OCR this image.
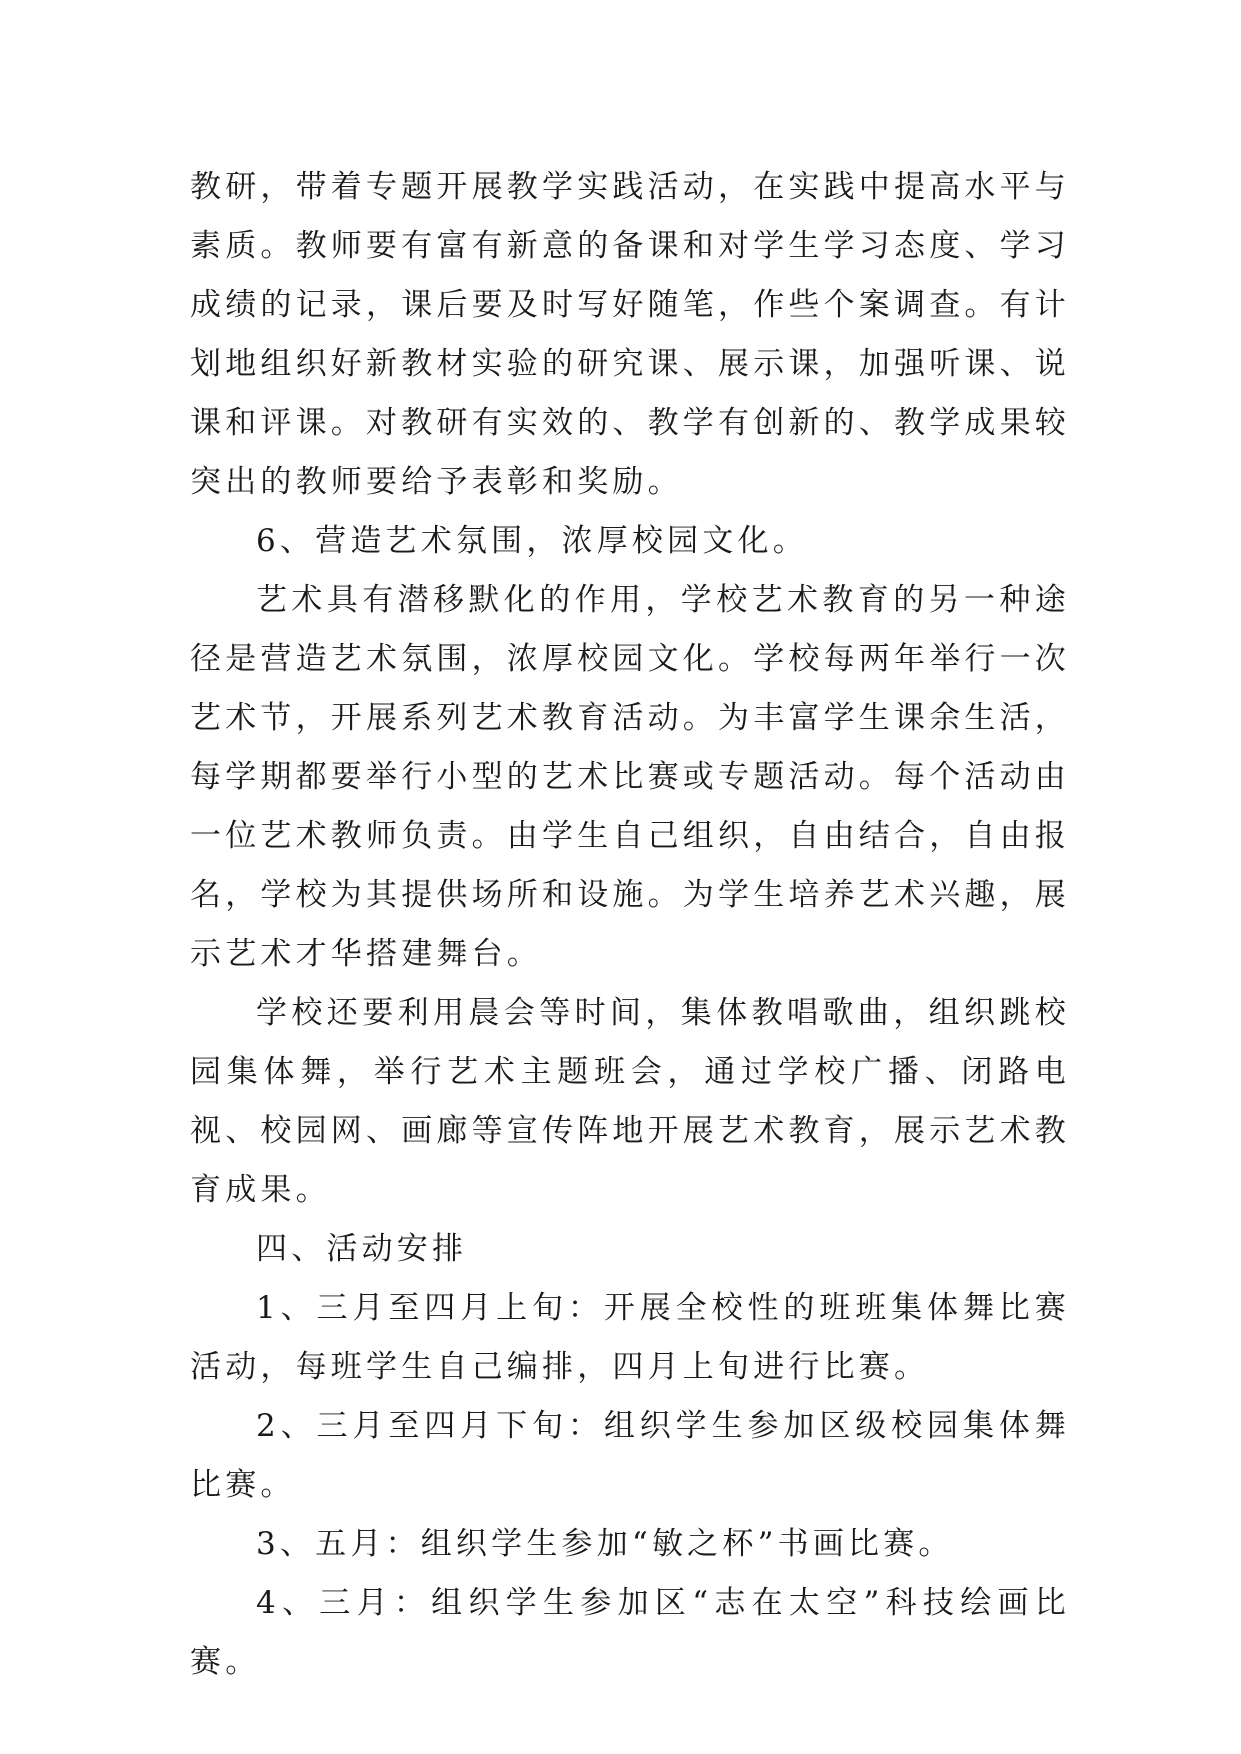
教研，带着专题开展教学实践活动，在实践中提高水平与素质。教师要有富有新意的备课和对学生学习态度、学习成绩的记录，课后要及时写好随笔，作些个案调查。有计划地组织好新教材实验的研究课、展示课，加强听课、说课和评课。对教研有实效的、教学有创新的、教学成果较突出的教师要给予表彰和奖励。

6、营造艺术氛围，浓厚校园文化。

艺术具有潜移默化的作用，学校艺术教育的另一种途径是营造艺术氛围，浓厚校园文化。学校每两年举行一次艺术节，开展系列艺术教育活动。为丰富学生课余生活，每学期都要举行小型的艺术比赛或专题活动。每个活动由一位艺术教师负责。由学生自己组织，自由结合，自由报名，学校为其提供场所和设施。为学生培养艺术兴趣，展示艺术才华搭建舞台。

学校还要利用晨会等时间，集体教唱歌曲，组织跳校园集体舞，举行艺术主题班会，通过学校广播、闭路电视、校园网、画廊等宣传阵地开展艺术教育，展示艺术教育成果。

四、活动安排

1、三月至四月上旬：开展全校性的班班集体舞比赛活动，每班学生自己编排，四月上旬进行比赛。

2、三月至四月下旬：组织学生参加区级校园集体舞比赛。

3、五月：组织学生参加“敏之杯”书画比赛。

4、三月：组织学生参加区“志在太空”科技绘画比赛。
